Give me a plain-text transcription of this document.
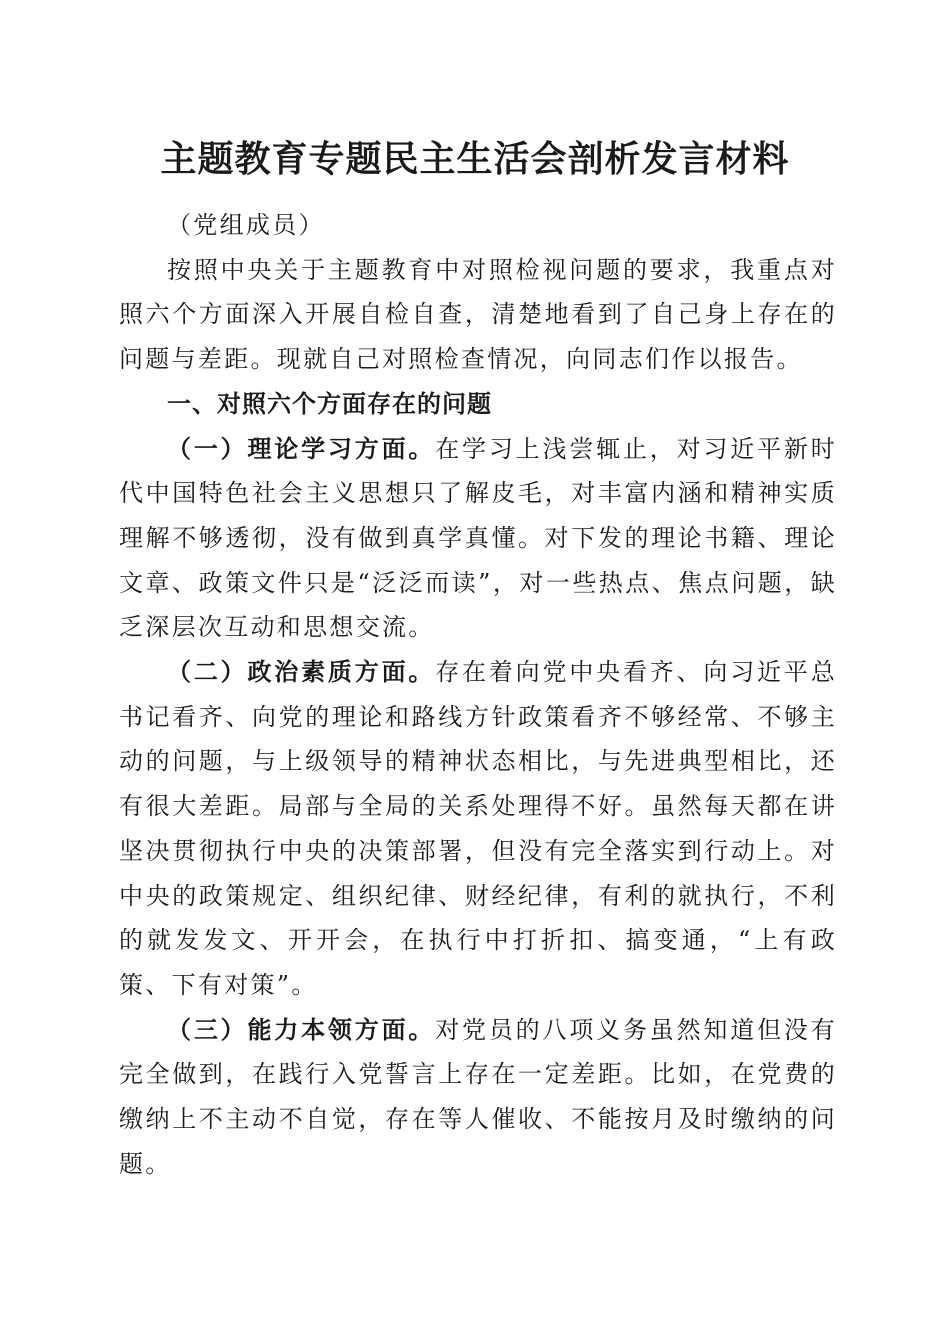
主题教育专题民主生活会剖析发言材料

（党组成员）

按照中央关于主题教育中对照检视问题的要求，我重点对照六个方面深入开展自检自查，清楚地看到了自己身上存在的问题与差距。现就自己对照检查情况，向同志们作以报告。

一、对照六个方面存在的问题

（一）理论学习方面。在学习上浅尝辄止，对习近平新时代中国特色社会主义思想只了解皮毛，对丰富内涵和精神实质理解不够透彻，没有做到真学真懂。对下发的理论书籍、理论文章、政策文件只是“泛泛而读”，对一些热点、焦点问题，缺乏深层次互动和思想交流。

（二）政治素质方面。存在着向党中央看齐、向习近平总书记看齐、向党的理论和路线方针政策看齐不够经常、不够主动的问题，与上级领导的精神状态相比，与先进典型相比，还有很大差距。局部与全局的关系处理得不好。虽然每天都在讲坚决贯彻执行中央的决策部署，但没有完全落实到行动上。对中央的政策规定、组织纪律、财经纪律，有利的就执行，不利的就发发文、开开会，在执行中打折扣、搞变通，“上有政策、下有对策”。

（三）能力本领方面。对党员的八项义务虽然知道但没有完全做到，在践行入党誓言上存在一定差距。比如，在党费的缴纳上不主动不自觉，存在等人催收、不能按月及时缴纳的问题。
